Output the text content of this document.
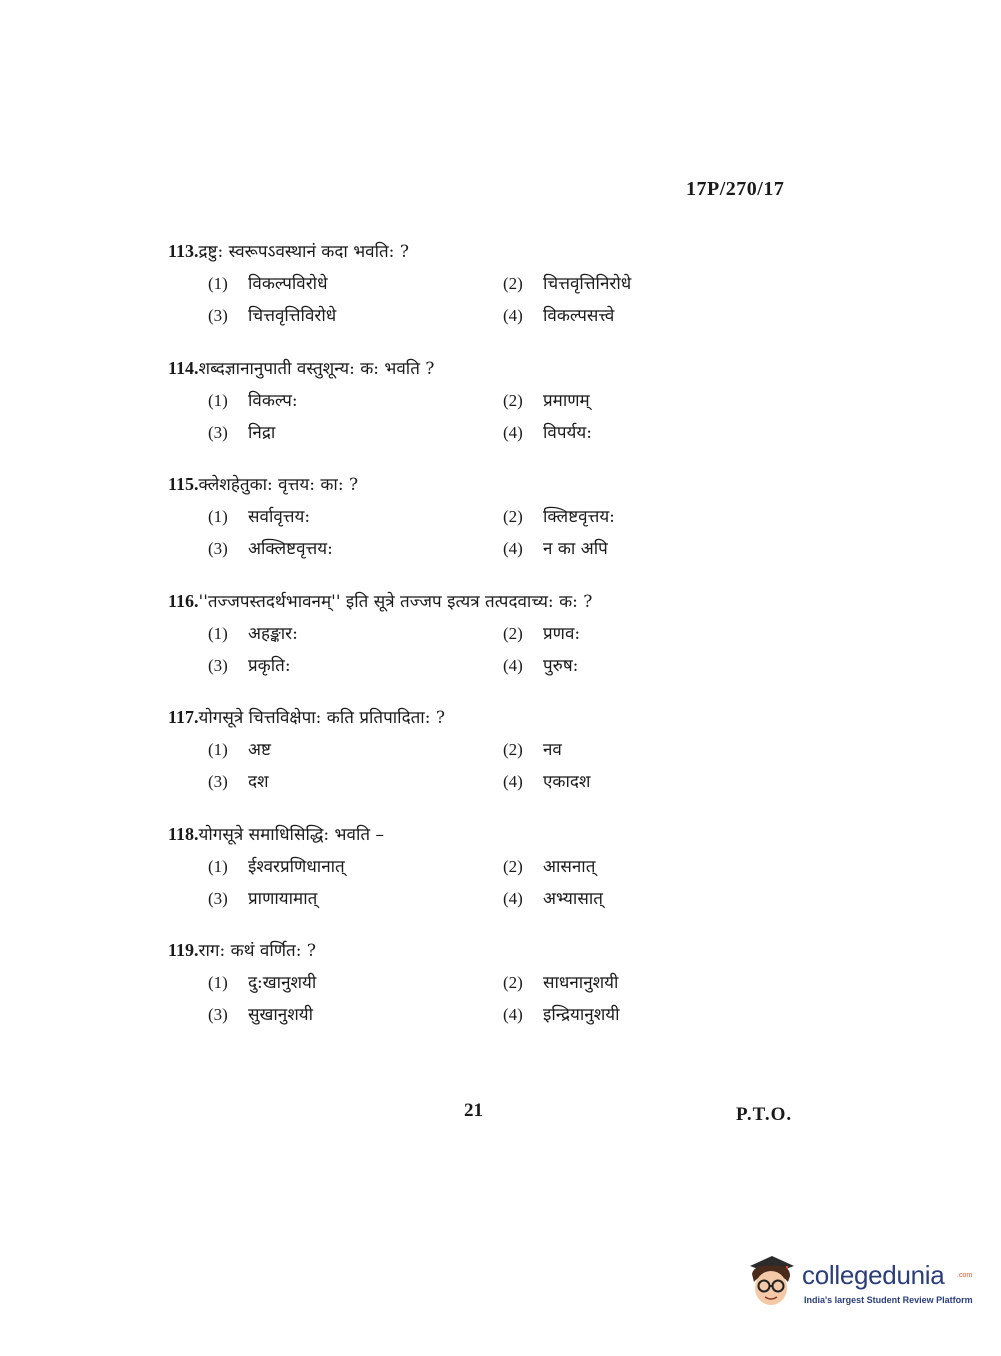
17P/270/17
113.द्रष्टु: स्वरूपऽवस्थानं कदा भवति: ?
(1) विकल्पविरोधे	(2) चित्तवृत्तिनिरोधे
(3) चित्तवृत्तिविरोधे	(4) विकल्पसत्त्वे
114.शब्दज्ञानानुपाती वस्तुशून्य: क: भवति ?
(1) विकल्प:	(2) प्रमाणम्
(3) निद्रा	(4) विपर्यय:
115.क्लेशहेतुका: वृत्तय: का: ?
(1) सर्वावृत्तय:	(2) क्लिष्टवृत्तय:
(3) अक्लिष्टवृत्तय:	(4) न का अपि
116.''तज्जपस्तदर्थभावनम्'' इति सूत्रे तज्जप इत्यत्र तत्पदवाच्य: क: ?
(1) अहङ्कार:	(2) प्रणव:
(3) प्रकृति:	(4) पुरुष:
117.योगसूत्रे चित्तविक्षेपा: कति प्रतिपादिता: ?
(1) अष्ट	(2) नव
(3) दश	(4) एकादश
118.योगसूत्रे समाधिसिद्धि: भवति –
(1) ईश्वरप्रणिधानात्	(2) आसनात्
(3) प्राणायामात्	(4) अभ्यासात्
119.राग: कथं वर्णित: ?
(1) दु:खानुशयी	(2) साधनानुशयी
(3) सुखानुशयी	(4) इन्द्रियानुशयी
21	P.T.O.
collegedunia .com
India's largest Student Review Platform
